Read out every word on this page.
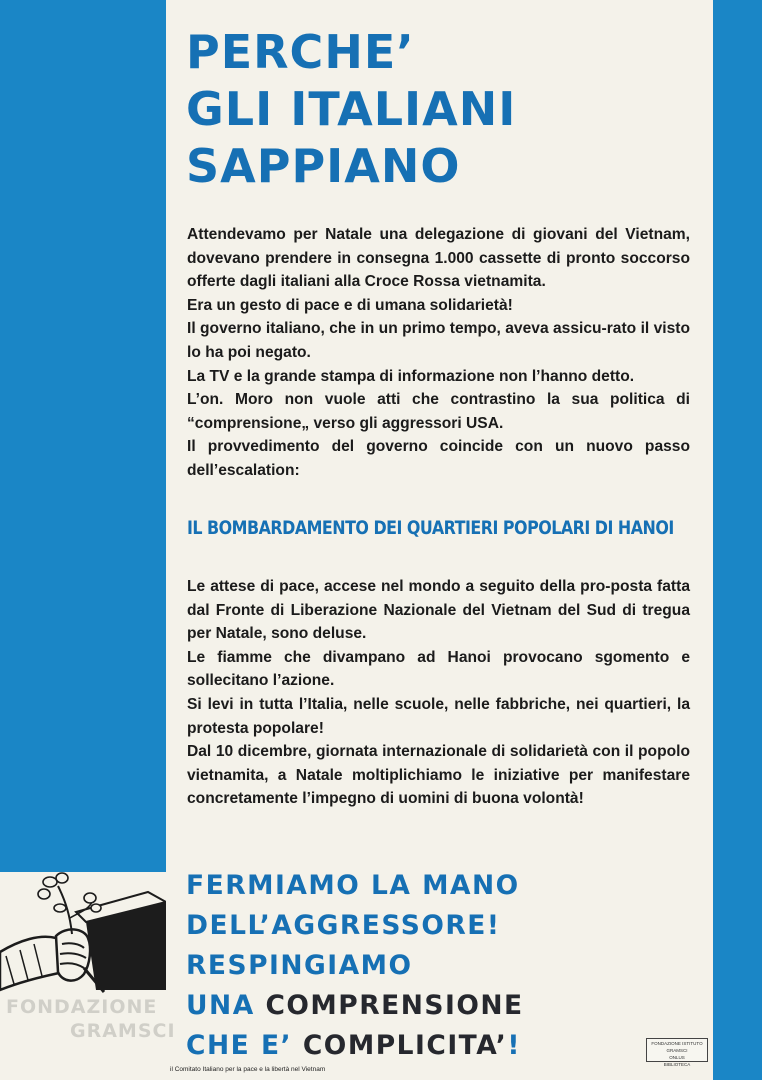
PERCHE’
GLI ITALIANI
SAPPIANO

Attendevamo per Natale una delegazione di giovani del Vietnam, dovevano prendere in consegna 1.000 cassette di pronto soccorso offerte dagli italiani alla Croce Rossa vietnamita.

Era un gesto di pace e di umana solidarietà!

Il governo italiano, che in un primo tempo, aveva assicu-rato il visto lo ha poi negato.

La TV e la grande stampa di informazione non l’hanno detto.

L’on. Moro non vuole atti che contrastino la sua politica di “comprensione„ verso gli aggressori USA.

Il provvedimento del governo coincide con un nuovo passo dell’escalation:

IL BOMBARDAMENTO DEI QUARTIERI POPOLARI DI HANOI

Le attese di pace, accese nel mondo a seguito della pro-posta fatta dal Fronte di Liberazione Nazionale del Vietnam del Sud di tregua per Natale, sono deluse.

Le fiamme che divampano ad Hanoi provocano sgomento e sollecitano l’azione.

Si levi in tutta l’Italia, nelle scuole, nelle fabbriche, nei quartieri, la protesta popolare!

Dal 10 dicembre, giornata internazionale di solidarietà con il popolo vietnamita, a Natale moltiplichiamo le iniziative per manifestare concretamente l’impegno di uomini di buona volontà!

FERMIAMO LA MANO
DELL’AGGRESSORE!
RESPINGIAMO
UNA COMPRENSIONE
CHE E’ COMPLICITA’!
il Comitato Italiano per la pace e la libertà nel Vietnam
FONDAZIONE ISTITUTO GRAMSCI
ONLUS
BIBLIOTECA
FONDAZIONE
GRAMSCI
